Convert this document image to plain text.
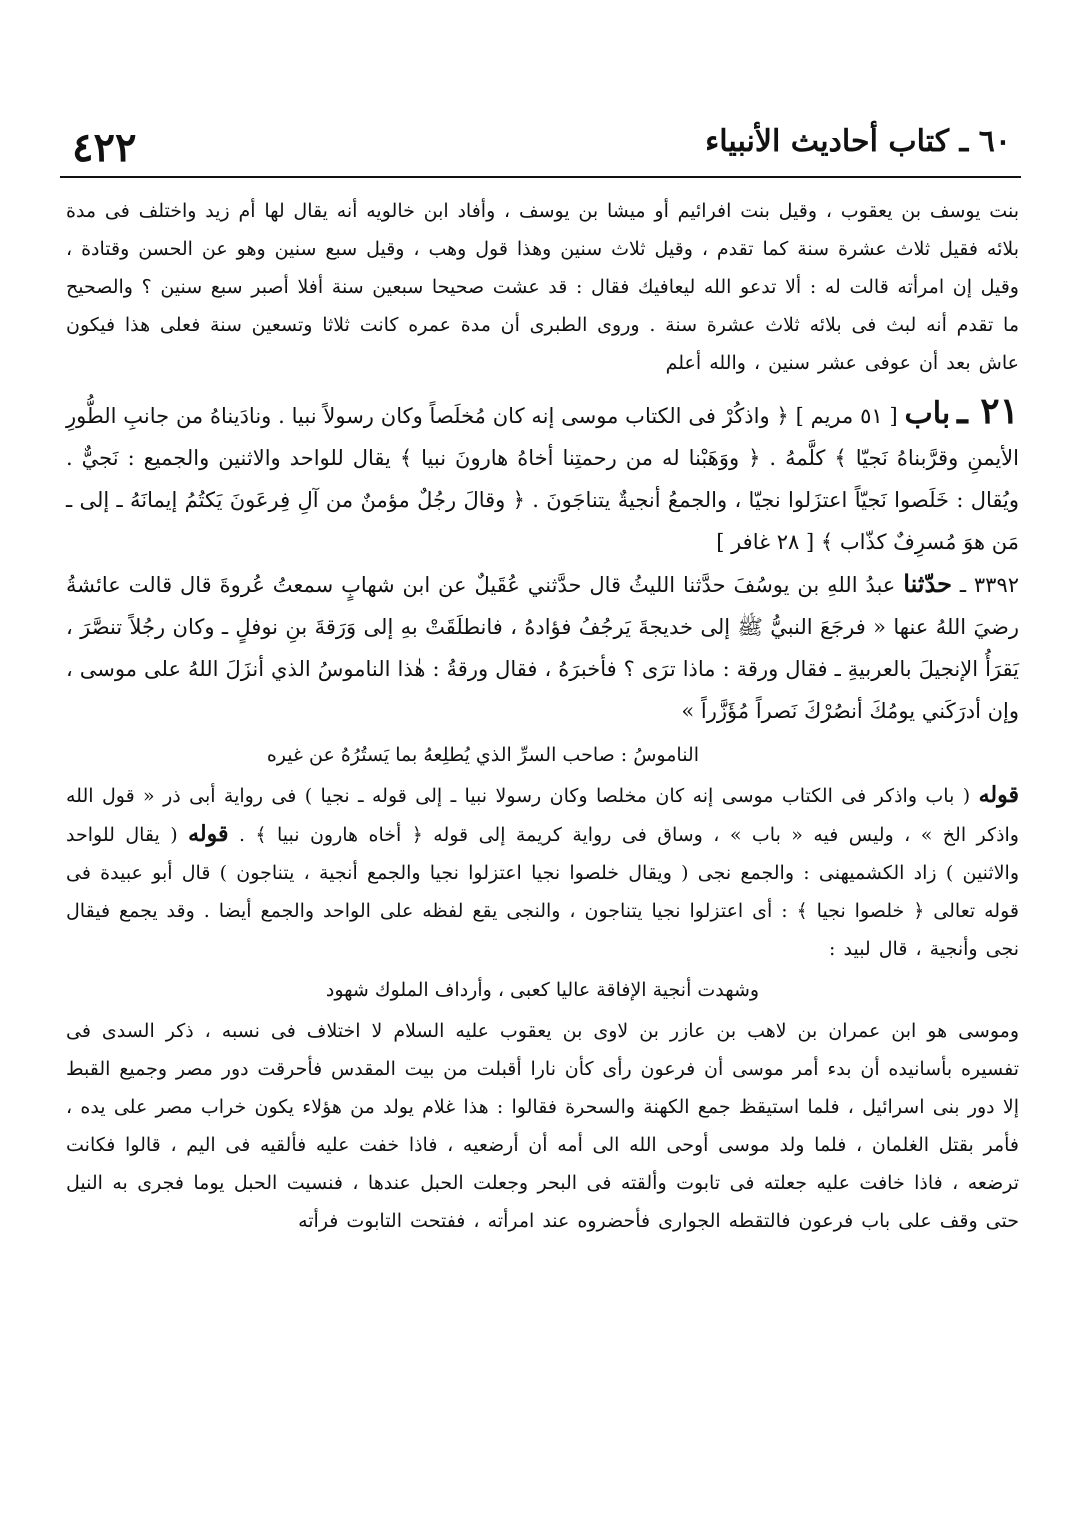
٤٢٢	٦٠ ـ كتاب أحاديث الأنبياء

بنت يوسف بن يعقوب ، وقيل بنت افرائيم أو ميشا بن يوسف ، وأفاد ابن خالويه أنه يقال لها أم زيد واختلف فى مدة بلائه فقيل ثلاث عشرة سنة كما تقدم ، وقيل ثلاث سنين وهذا قول وهب ، وقيل سبع سنين وهو عن الحسن وقتادة ، وقيل إن امرأته قالت له : ألا تدعو الله ليعافيك فقال : قد عشت صحيحا سبعين سنة أفلا أصبر سبع سنين ؟ والصحيح ما تقدم أنه لبث فى بلائه ثلاث عشرة سنة . وروى الطبرى أن مدة عمره كانت ثلاثا وتسعين سنة فعلى هذا فيكون عاش بعد أن عوفى عشر سنين ، والله أعلم

٢١ ـ باب [ ٥١ مريم ] ﴿ واذكُرْ فى الكتاب موسى إنه كان مُخلَصاً وكان رسولاً نبيا . ونادَيناهُ من جانبِ الطُّورِ الأيمنِ وقرَّبناهُ نَجيّا ﴾ كلَّمهُ . ﴿ ووَهَبْنا له من رحمتِنا أخاهُ هارونَ نبيا ﴾ يقال للواحد والاثنين والجميع : نَجيٌّ . ويُقال : خَلَصوا نَجيّاً اعتزَلوا نجيّا ، والجمعُ أنجيةٌ يتناجَونَ . ﴿ وقالَ رجُلٌ مؤمنٌ من آلِ فِرعَونَ يَكتُمُ إيمانَهُ ـ إلى ـ مَن هوَ مُسرِفٌ كذّاب ﴾ [ ٢٨ غافر ]

٣٣٩٢ ـ حدّثنا عبدُ اللهِ بن يوسُفَ حدَّثنا الليثُ قال حدَّثني عُقَيلٌ عن ابن شهابٍ سمعتُ عُروةَ قال قالت عائشةُ رضيَ اللهُ عنها « فرجَعَ النبيُّ ﷺ إلى خديجةَ يَرجُفُ فؤادهُ ، فانطلَقَتْ بهِ إلى وَرَقةَ بنِ نوفلٍ ـ وكان رجُلاً تنصَّرَ ، يَقرَأُ الإنجيلَ بالعربيةِ ـ فقال ورقة : ماذا ترَى ؟ فأخبرَهُ ، فقال ورقةُ : هٰذا الناموسُ الذي أنزَلَ اللهُ على موسى ، وإن أدرَكَني يومُكَ أنصُرْكَ نَصراً مُؤَزَّراً »

الناموسُ : صاحب السرِّ الذي يُطلِعهُ بما يَستُرُهُ عن غيره

قوله ( باب واذكر فى الكتاب موسى إنه كان مخلصا وكان رسولا نبيا ـ إلى قوله ـ نجيا ) فى رواية أبى ذر « قول الله واذكر الخ » ، وليس فيه « باب » ، وساق فى رواية كريمة إلى قوله ﴿ أخاه هارون نبيا ﴾ . قوله ( يقال للواحد والاثنين ) زاد الكشميهنى : والجمع نجى ( ويقال خلصوا نجيا اعتزلوا نجيا والجمع أنجية ، يتناجون ) قال أبو عبيدة فى قوله تعالى ﴿ خلصوا نجيا ﴾ : أى اعتزلوا نجيا يتناجون ، والنجى يقع لفظه على الواحد والجمع أيضا . وقد يجمع فيقال نجى وأنجية ، قال لبيد :

وشهدت أنجية الإفاقة عاليا كعبى ، وأرداف الملوك شهود

وموسى هو ابن عمران بن لاهب بن عازر بن لاوى بن يعقوب عليه السلام لا اختلاف فى نسبه ، ذكر السدى فى تفسيره بأسانيده أن بدء أمر موسى أن فرعون رأى كأن نارا أقبلت من بيت المقدس فأحرقت دور مصر وجميع القبط إلا دور بنى اسرائيل ، فلما استيقظ جمع الكهنة والسحرة فقالوا : هذا غلام يولد من هؤلاء يكون خراب مصر على يده ، فأمر بقتل الغلمان ، فلما ولد موسى أوحى الله الى أمه أن أرضعيه ، فاذا خفت عليه فألقيه فى اليم ، قالوا فكانت ترضعه ، فاذا خافت عليه جعلته فى تابوت وألقته فى البحر وجعلت الحبل عندها ، فنسيت الحبل يوما فجرى به النيل حتى وقف على باب فرعون فالتقطه الجوارى فأحضروه عند امرأته ، ففتحت التابوت فرأته
